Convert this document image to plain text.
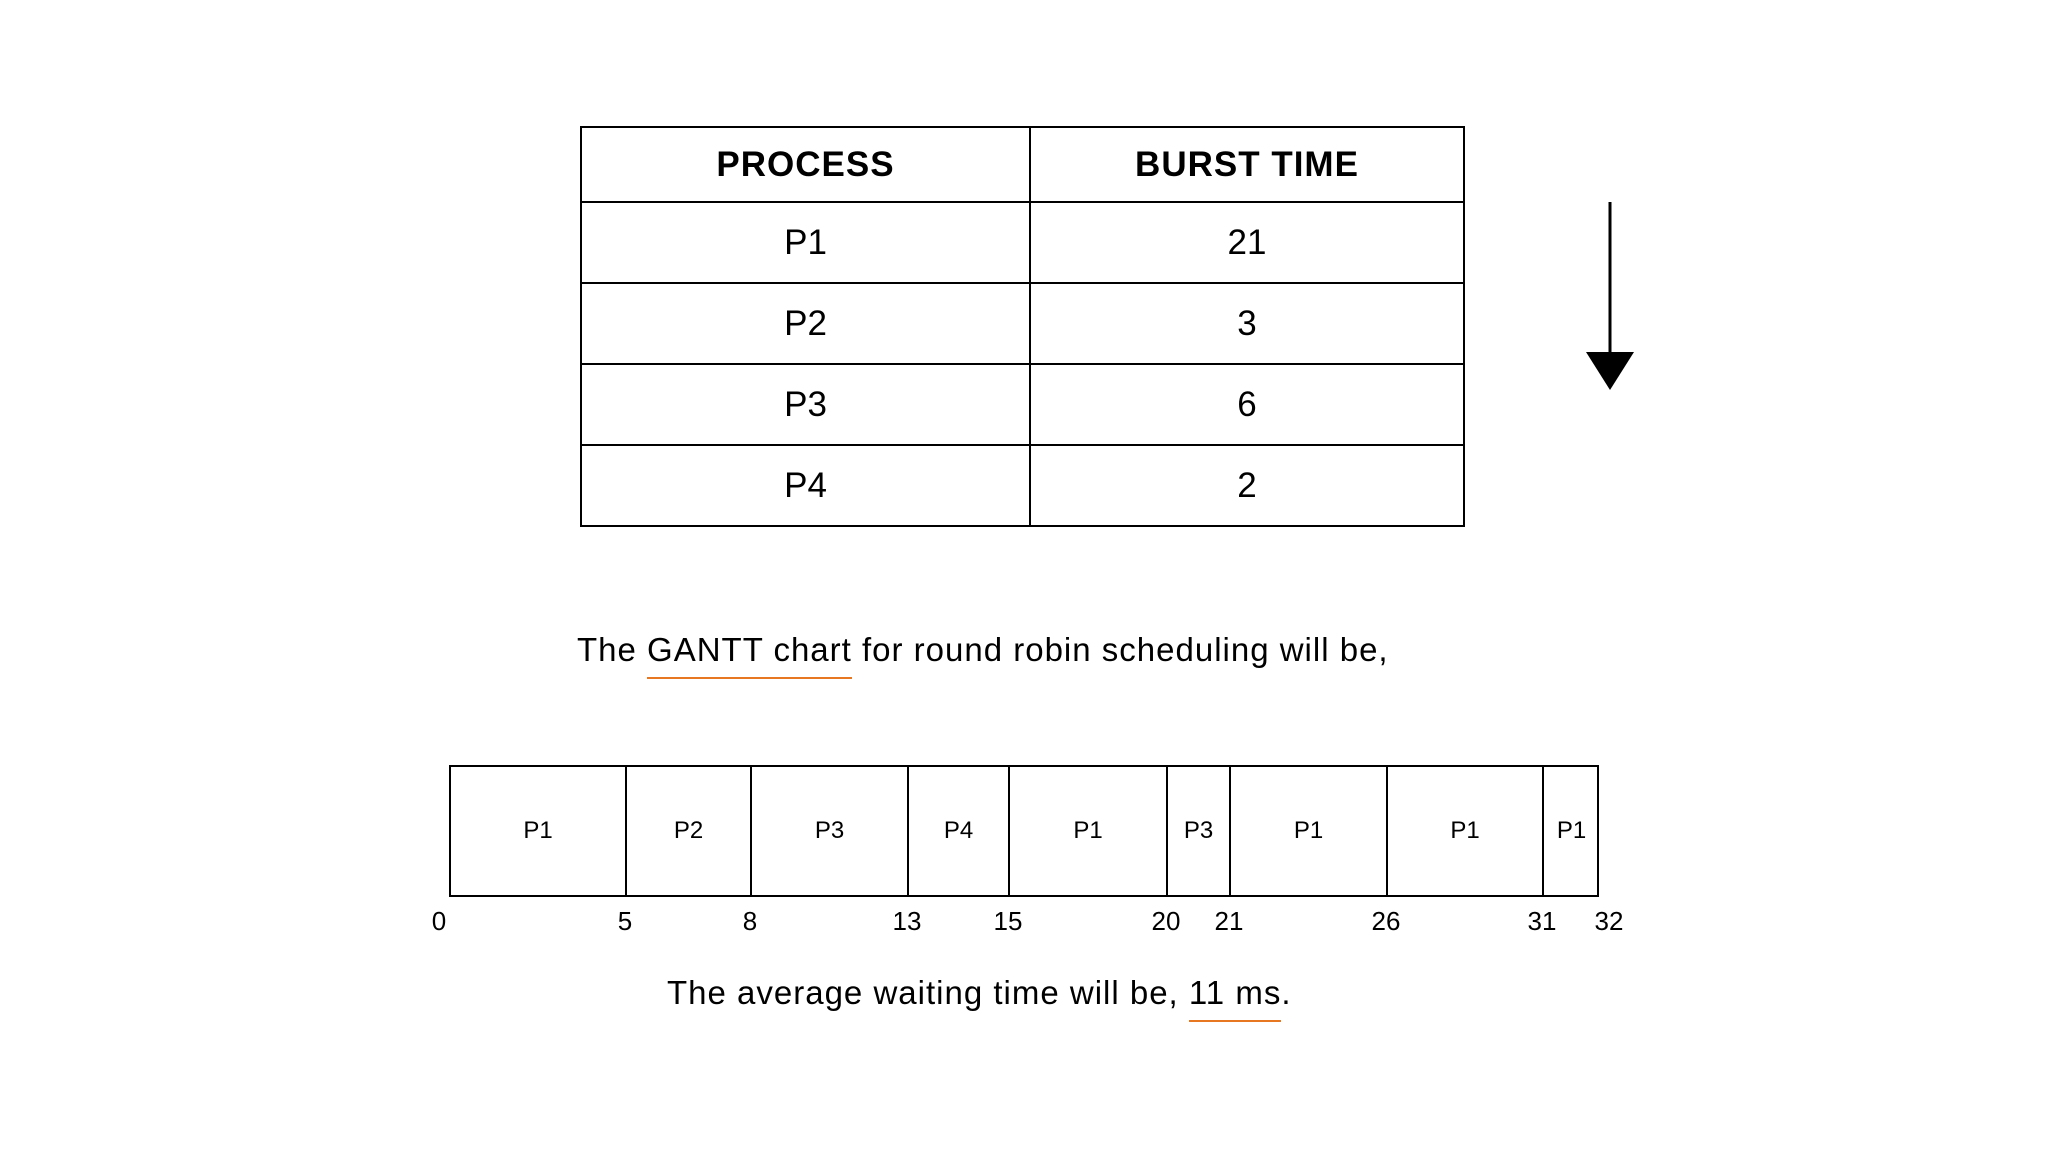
PROCESS	BURST TIME
P1	21
P2	3
P3	6
P4	2
The GANTT chart for round robin scheduling will be,
P1	P2	P3	P4	P1	P3	P1	P1	P1
0	5	8	13	15	20 21	26	31 32
The average waiting time will be, 11 ms.
